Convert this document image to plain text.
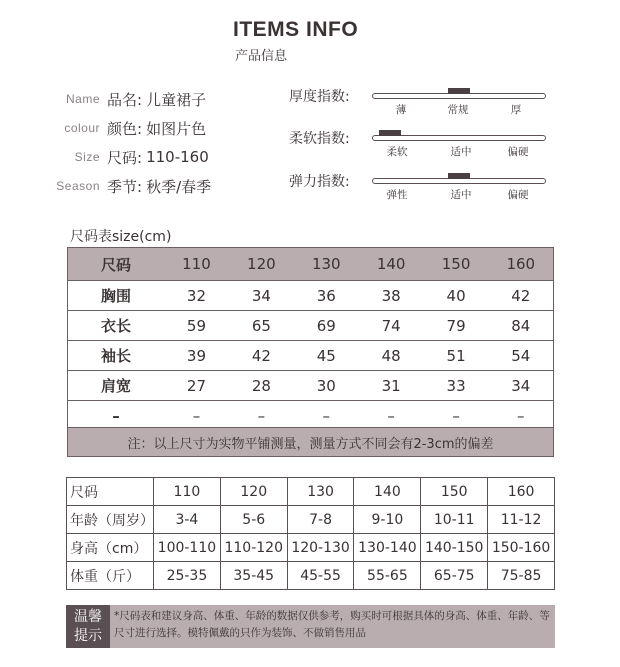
ITEMS INFO
产品信息
Name 品名: 儿童裙子
colour 颜色: 如图片色
Size 尺码: 110-160
Season 季节: 秋季/春季
厚度指数:
薄	常规	厚
柔软指数:
柔软	适中	偏硬
弹力指数:
弹性	适中	偏硬
尺码表size(cm)
尺码	110	120	130	140	150	160
胸围	32	34	36	38	40	42
衣长	59	65	69	74	79	84
袖长	39	42	45	48	51	54
肩宽	27	28	30	31	33	34
–	–	–	–	–	–	–
注：以上尺寸为实物平铺测量，测量方式不同会有2-3cm的偏差
尺码	110	120	130	140	150	160
年龄（周岁）	3-4	5-6	7-8	9-10	10-11	11-12
身高（cm）	100-110	110-120	120-130	130-140	140-150	150-160
体重（斤）	25-35	35-45	45-55	55-65	65-75	75-85
温馨
提示
*尺码表和建议身高、体重、年龄的数据仅供参考，购买时可根据具体的身高、体重、年龄、等尺寸进行选择。模特佩戴的只作为装饰、不做销售用品
